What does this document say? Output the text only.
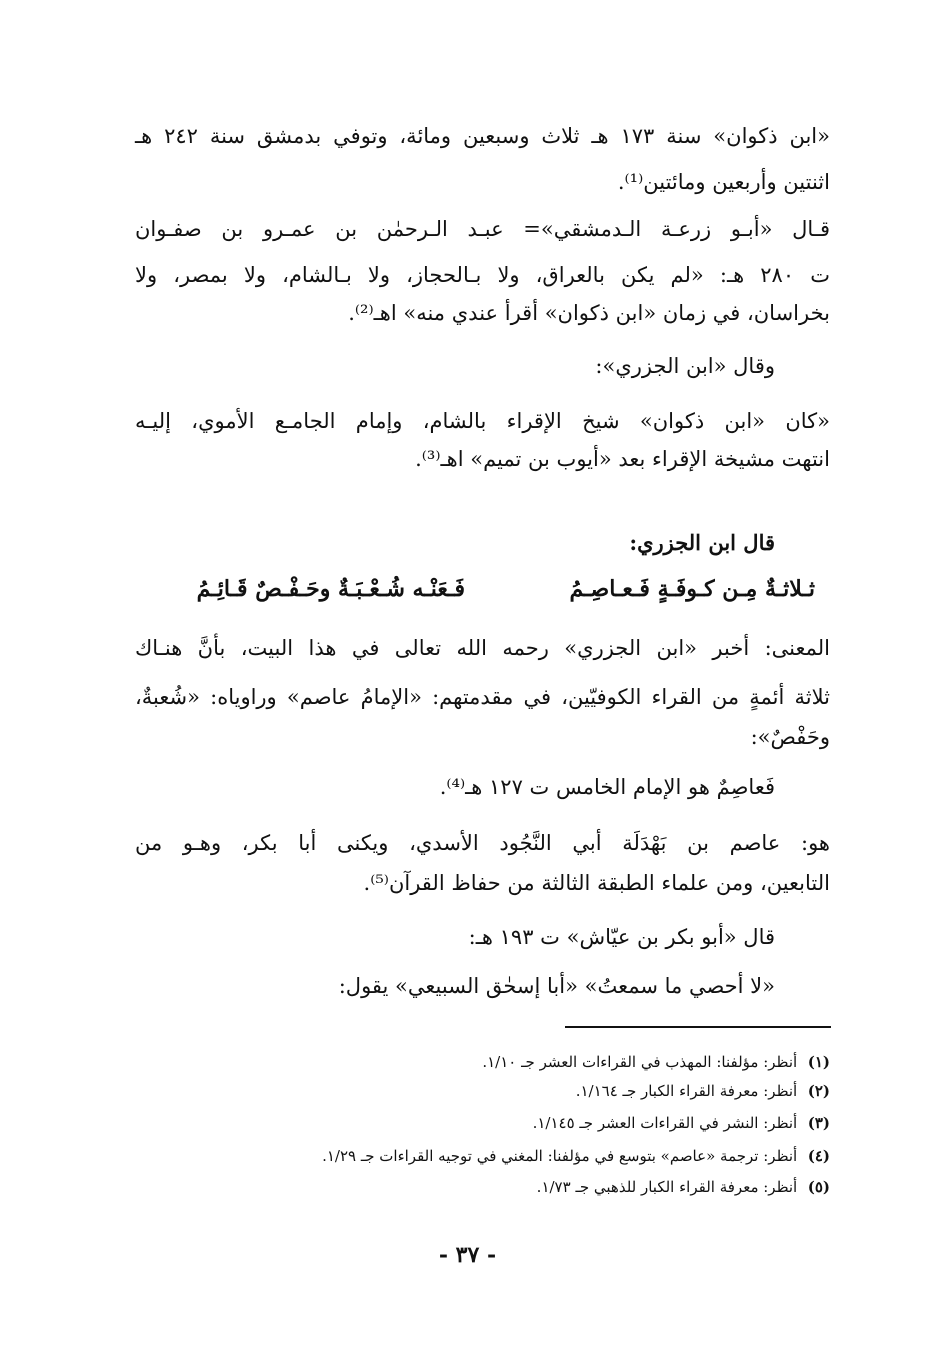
«ابن ذكوان» سنة ١٧٣ هـ ثلاث وسبعين ومائة، وتوفي بدمشق سنة ٢٤٢ هـ
اثنتين وأربعين ومائتين⁽¹⁾.
قـال «أبـو زرعـة الـدمشقي»= عبـد الـرحمٰن بن عمـرو بن صفـوان
ت ٢٨٠ هـ: «لم يكن بالعراق، ولا بـالحجاز، ولا بـالشام، ولا بمصر، ولا
بخراسان، في زمان «ابن ذكوان» أقرأ عندي منه» اهـ⁽²⁾.
وقال «ابن الجزري»:
«كان «ابن ذكوان» شيخ الإقراء بالشام، وإمام الجامـع الأموي، إليـه
انتهت مشيخة الإقراء بعد «أيوب بن تميم» اهـ⁽³⁾.
قال ابن الجزري:
ثـلاثـةٌ مِـن كـوفَـةٍ فَـعـاصِـمُ
فَـعَنْـه شُـعْـبَـةٌ وحَـفْـصٌ قَـائِـمُ
المعنى: أخبر «ابن الجزري» رحمه الله تعالى في هذا البيت، بأنَّ هنـاك
ثلاثة أئمةٍ من القراء الكوفيّين، في مقدمتهم: «الإمامُ عاصم» وراوياه: «شُعبةٌ،
وحَفْصٌ»:
فَعاصِمٌ هو الإمام الخامس ت ١٢٧ هـ⁽⁴⁾.
هو: عاصم بن بَهْدَلَة أبي النَّجُود الأسدي، ويكنى أبا بكر، وهـو من
التابعين، ومن علماء الطبقة الثالثة من حفاظ القرآن⁽⁵⁾.
قال «أبو بكر بن عيّاش» ت ١٩٣ هـ:
«لا أحصي ما سمعتُ» «أبا إسحٰق السبيعي» يقول:
(١) أنظر: مؤلفنا: المهذب في القراءات العشر جـ ١/١٠.
(٢) أنظر: معرفة القراء الكبار جـ ١/١٦٤.
(٣) أنظر: النشر في القراءات العشر جـ ١/١٤٥.
(٤) أنظر: ترجمة «عاصم» بتوسع في مؤلفنا: المغني في توجيه القراءات جـ ١/٢٩.
(٥) أنظر: معرفة القراء الكبار للذهبي جـ ١/٧٣.
- ٣٧ -
